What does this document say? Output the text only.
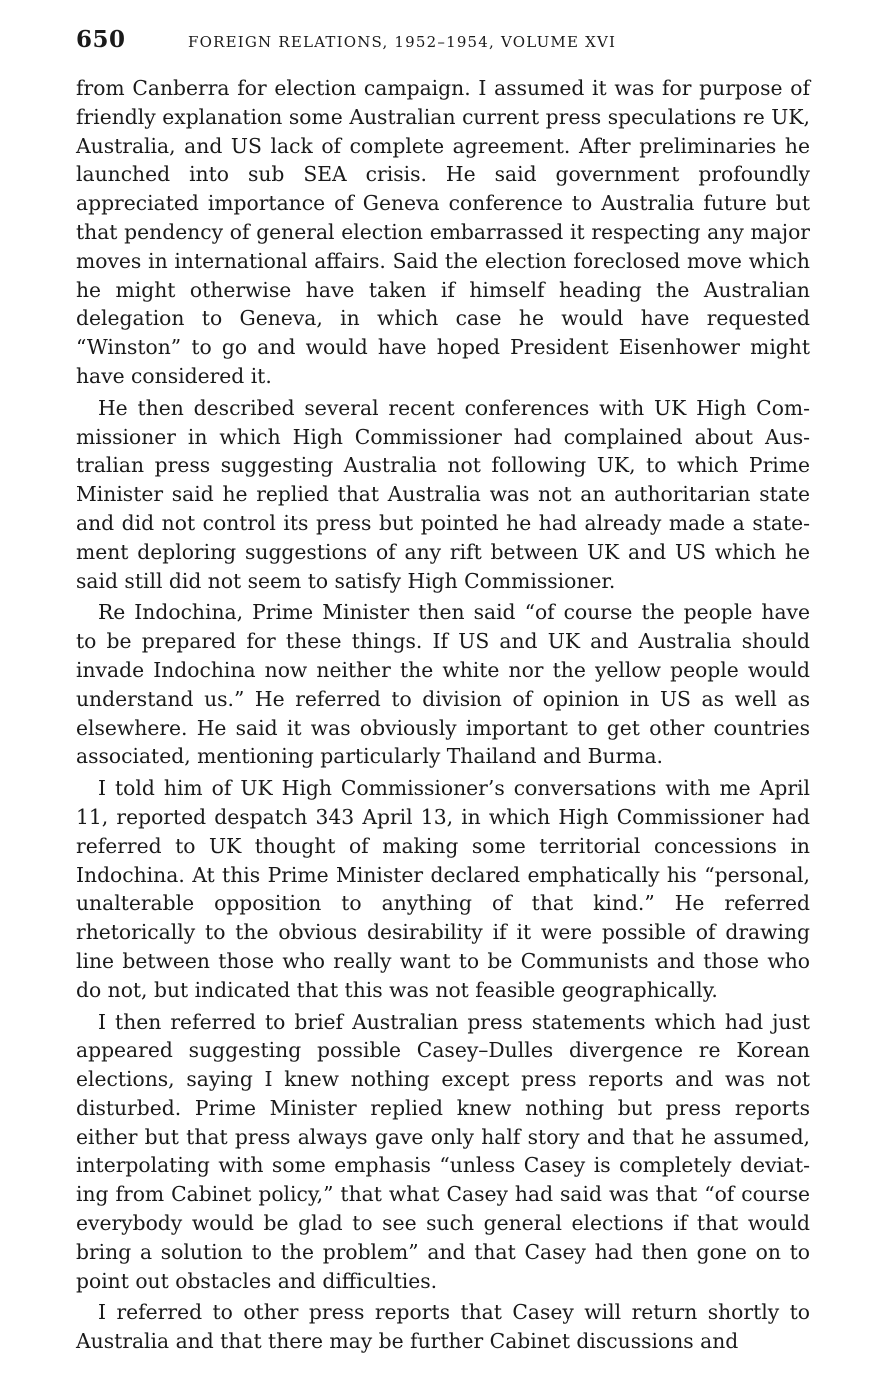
650	FOREIGN RELATIONS, 1952–1954, VOLUME XVI

from Canberra for election campaign. I assumed it was for purpose of friendly explanation some Australian current press speculations re UK, Australia, and US lack of complete agreement. After preliminaries he launched into sub SEA crisis. He said government profoundly appreciated importance of Geneva conference to Australia future but that pendency of general election embarrassed it respecting any major moves in international affairs. Said the election foreclosed move which he might otherwise have taken if himself heading the Australian delegation to Geneva, in which case he would have requested “Winston” to go and would have hoped President Eisenhower might have considered it.

He then described several recent conferences with UK High Commissioner in which High Commissioner had complained about Australian press suggesting Australia not following UK, to which Prime Minister said he replied that Australia was not an authoritarian state and did not control its press but pointed he had already made a statement deploring suggestions of any rift between UK and US which he said still did not seem to satisfy High Commissioner.

Re Indochina, Prime Minister then said “of course the people have to be prepared for these things. If US and UK and Australia should invade Indochina now neither the white nor the yellow people would understand us.” He referred to division of opinion in US as well as elsewhere. He said it was obviously important to get other countries associated, mentioning particularly Thailand and Burma.

I told him of UK High Commissioner’s conversations with me April 11, reported despatch 343 April 13, in which High Commissioner had referred to UK thought of making some territorial concessions in Indochina. At this Prime Minister declared emphatically his “personal, unalterable opposition to anything of that kind.” He referred rhetorically to the obvious desirability if it were possible of drawing line between those who really want to be Communists and those who do not, but indicated that this was not feasible geographically.

I then referred to brief Australian press statements which had just appeared suggesting possible Casey–Dulles divergence re Korean elections, saying I knew nothing except press reports and was not disturbed. Prime Minister replied knew nothing but press reports either but that press always gave only half story and that he assumed, interpolating with some emphasis “unless Casey is completely deviating from Cabinet policy,” that what Casey had said was that “of course everybody would be glad to see such general elections if that would bring a solution to the problem” and that Casey had then gone on to point out obstacles and difficulties.

I referred to other press reports that Casey will return shortly to Australia and that there may be further Cabinet discussions and
